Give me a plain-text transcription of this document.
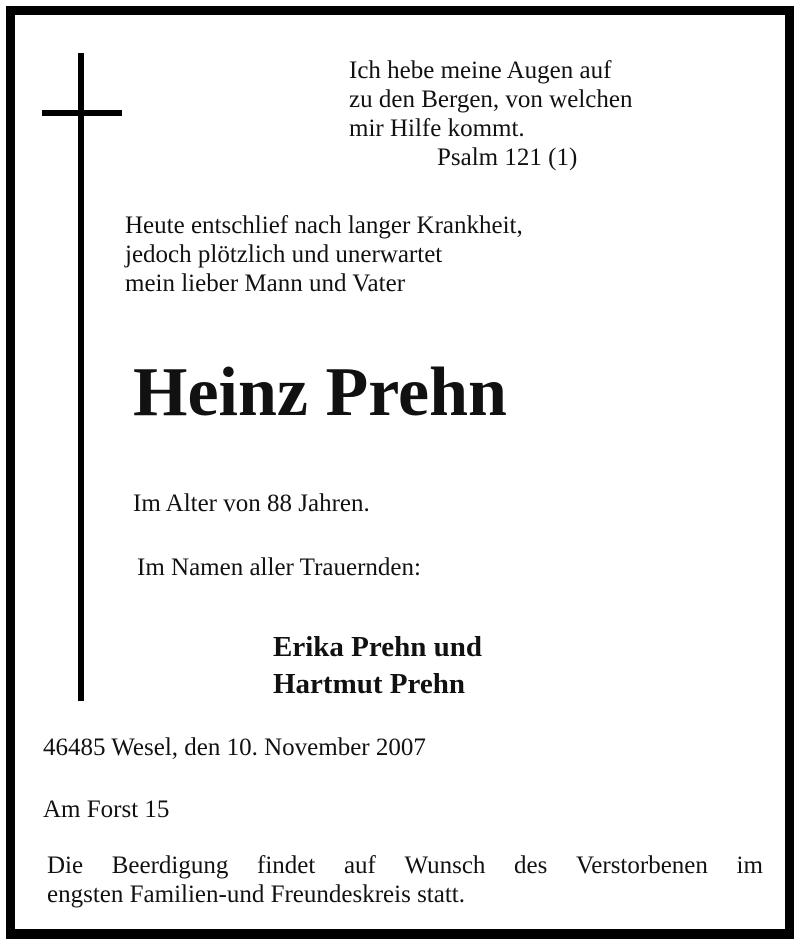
Ich hebe meine Augen auf
zu den Bergen, von welchen
mir Hilfe kommt.
Psalm 121 (1)
Heute entschlief nach langer Krankheit,
jedoch plötzlich und unerwartet
mein lieber Mann und Vater
Heinz Prehn
Im Alter von 88 Jahren.
Im Namen aller Trauernden:
Erika Prehn und
Hartmut Prehn
46485 Wesel, den 10. November 2007
Am Forst 15
Die Beerdigung findet auf Wunsch des Verstorbenen im
engsten Familien-und Freundeskreis statt.
